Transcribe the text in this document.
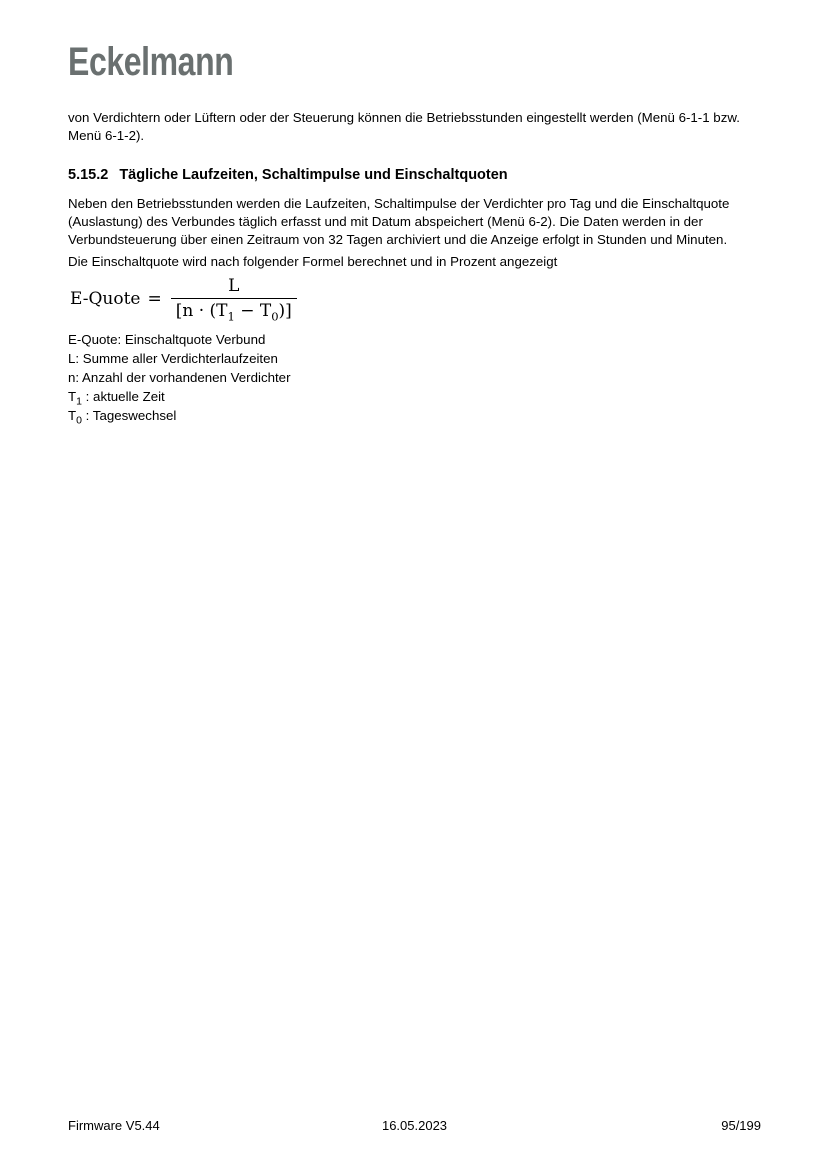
Eckelmann

von Verdichtern oder Lüftern oder der Steuerung können die Betriebsstunden eingestellt werden (Menü 6-1-1 bzw. Menü 6-1-2).

5.15.2 Tägliche Laufzeiten, Schaltimpulse und Einschaltquoten

Neben den Betriebsstunden werden die Laufzeiten, Schaltimpulse der Verdichter pro Tag und die Einschaltquote (Auslastung) des Verbundes täglich erfasst und mit Datum abspeichert (Menü 6-2). Die Daten werden in der Verbundsteuerung über einen Zeitraum von 32 Tagen archiviert und die Anzeige erfolgt in Stunden und Minuten.

Die Einschaltquote wird nach folgender Formel berechnet und in Prozent angezeigt

E-Quote = $\frac{L}{[n \cdot (T_1 - T_0)]}$
E-Quote: Einschaltquote Verbund
L: Summe aller Verdichterlaufzeiten
n: Anzahl der vorhandenen Verdichter
$T_1$ : aktuelle Zeit
$T_0$ : Tageswechsel
Firmware V5.44	16.05.2023	95/199
